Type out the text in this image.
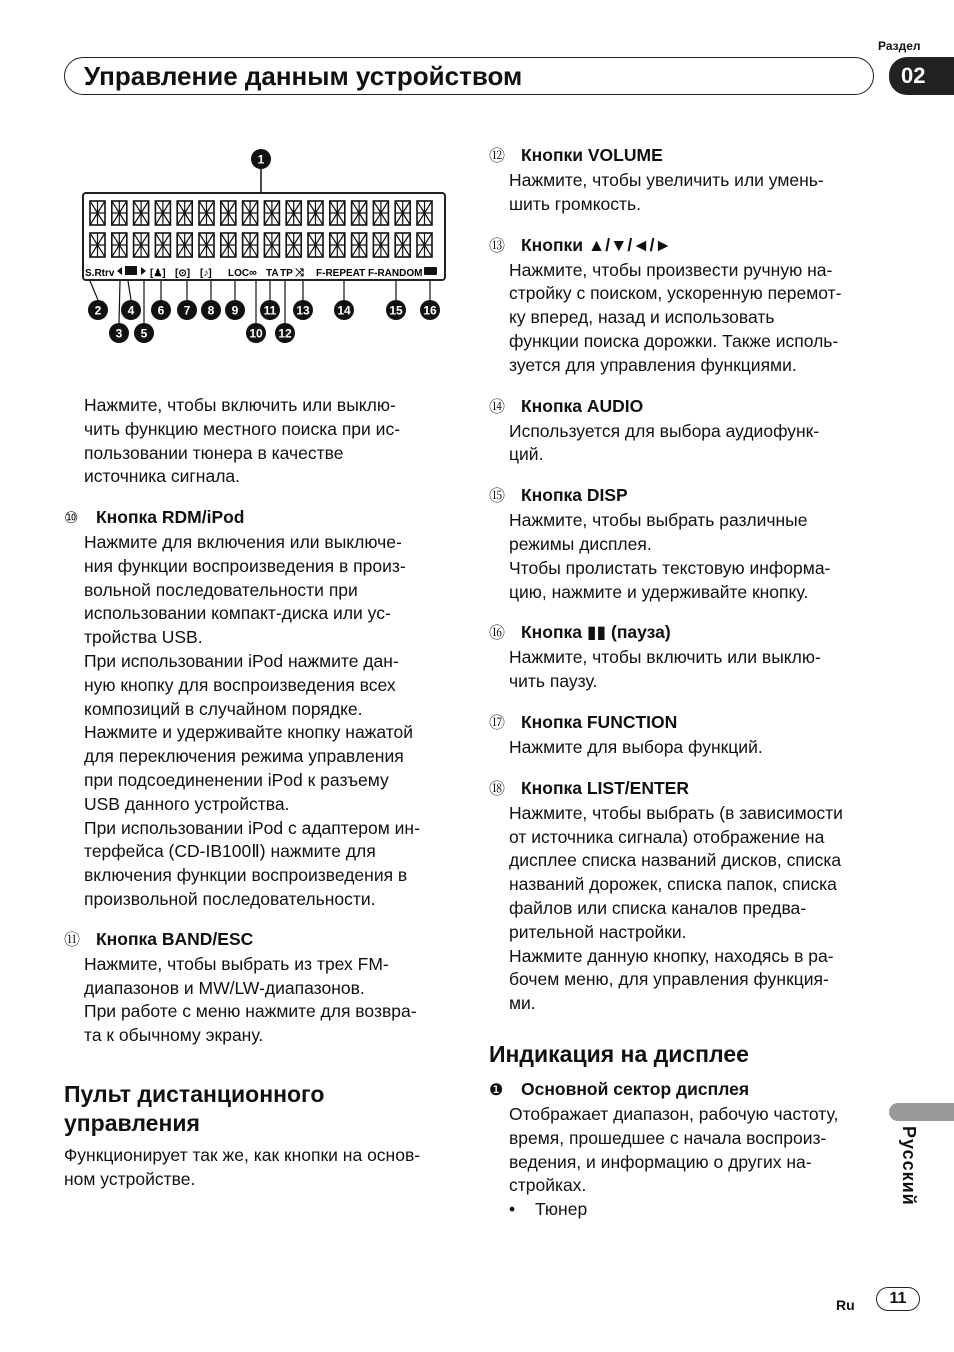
Раздел
Управление данным устройством	02
S.Rtrv	[♟] [⊙] [♪] LOC ∞ TA TP ⤨ F-REPEAT F-RANDOM
1
2
3
4
5
6 7 8 9
10
11
12
13 14	15 16

Нажмите, чтобы включить или выклю-

чить функцию местного поиска при ис-

пользовании тюнера в качестве

источника сигнала.

⑩ Кнопка RDM/iPod

Нажмите для включения или выключе-

ния функции воспроизведения в произ-

вольной последовательности при

использовании компакт-диска или ус-

тройства USB.

При использовании iPod нажмите дан-

ную кнопку для воспроизведения всех

композиций в случайном порядке.

Нажмите и удерживайте кнопку нажатой

для переключения режима управления

при подсоединенении iPod к разъему

USB данного устройства.

При использовании iPod с адаптером ин-

терфейса (CD-IB100Ⅱ) нажмите для

включения функции воспроизведения в

произвольной последовательности.

⑪ Кнопка BAND/ESC

Нажмите, чтобы выбрать из трех FM-

диапазонов и MW/LW-диапазонов.

При работе с меню нажмите для возвра-

та к обычному экрану.

Пульт дистанционного
управления

Функционирует так же, как кнопки на основ-

ном устройстве.

⑫ Кнопки VOLUME

Нажмите, чтобы увеличить или умень-

шить громкость.

⑬ Кнопки ▲/▼/◄/►

Нажмите, чтобы произвести ручную на-

стройку с поиском, ускоренную перемот-

ку вперед, назад и использовать

функции поиска дорожки. Также исполь-

зуется для управления функциями.

⑭ Кнопка AUDIO

Используется для выбора аудиофунк-

ций.

⑮ Кнопка DISP

Нажмите, чтобы выбрать различные

режимы дисплея.

Чтобы пролистать текстовую информа-

цию, нажмите и удерживайте кнопку.

⑯ Кнопка ▮▮ (пауза)

Нажмите, чтобы включить или выклю-

чить паузу.

⑰ Кнопка FUNCTION

Нажмите для выбора функций.

⑱ Кнопка LIST/ENTER

Нажмите, чтобы выбрать (в зависимости

от источника сигнала) отображение на

дисплее списка названий дисков, списка

названий дорожек, списка папок, списка

файлов или списка каналов предва-

рительной настройки.

Нажмите данную кнопку, находясь в ра-

бочем меню, для управления функция-

ми.

Индикация на дисплее
❶ Основной сектор дисплея

Отображает диапазон, рабочую частоту,

время, прошедшее с начала воспроиз-

ведения, и информацию о других на-

стройках.

• Тюнер
Русский
Ru	11
